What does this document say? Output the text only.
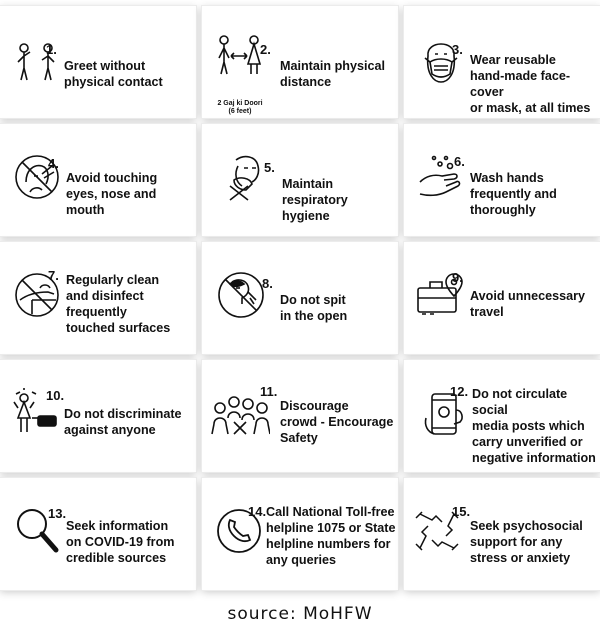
1.
Greet without
physical contact
2 Gaj ki Doori
(6 feet)
2.
Maintain physical
distance
3.
Wear reusable
hand-made face-cover
or mask, at all times
4.
Avoid touching
eyes, nose and
mouth
5.
Maintain
respiratory hygiene
6.
Wash hands
frequently and
thoroughly
7. Regularly clean
and disinfect
frequently
touched surfaces
8.
Do not spit
in the open
9.
Avoid unnecessary
travel
10.
Do not discriminate
against anyone
11.
Discourage
crowd - Encourage
Safety
12. Do not circulate social
media posts which
carry unverified or
negative information
13.
Seek information
on COVID-19 from
credible sources
14. Call National Toll-free
helpline 1075 or State
helpline numbers for
any queries
15.
Seek psychosocial
support for any
stress or anxiety
source: MoHFW
